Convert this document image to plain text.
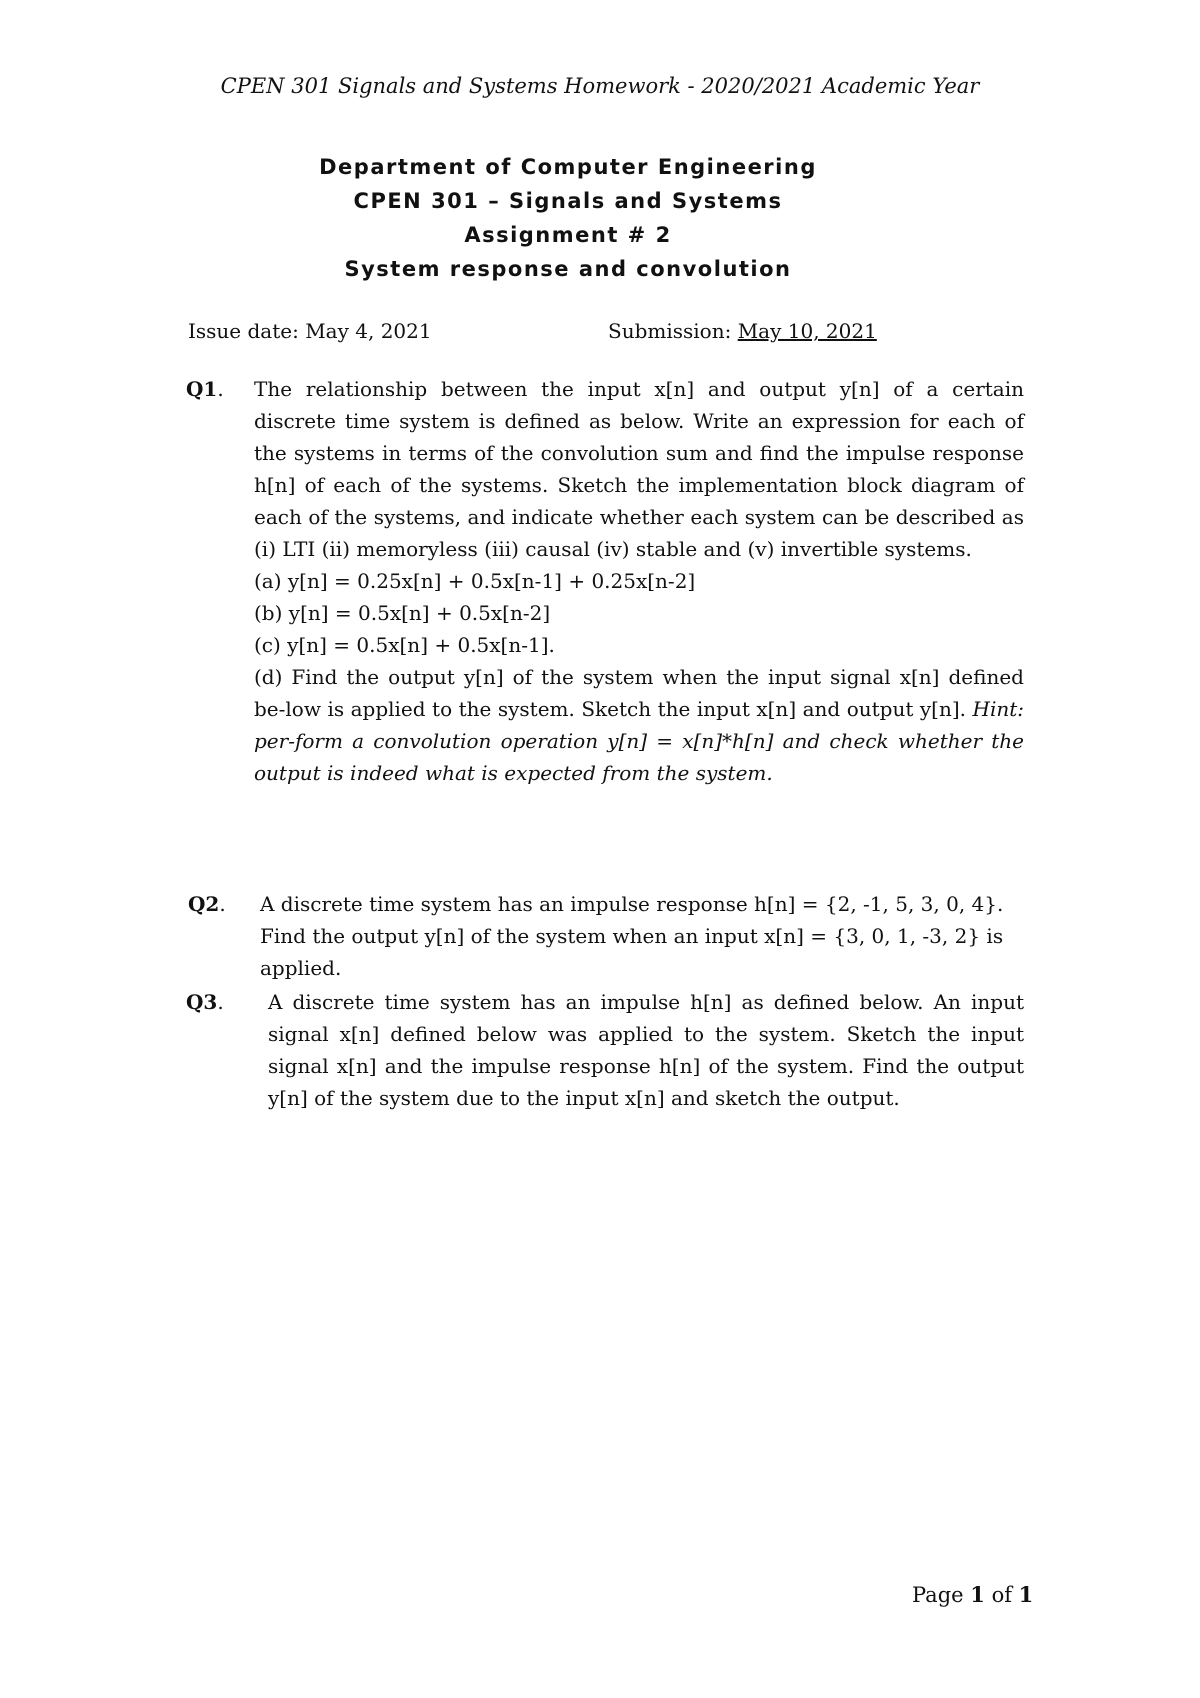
CPEN 301 Signals and Systems Homework - 2020/2021 Academic Year
Department of Computer Engineering
CPEN 301 – Signals and Systems
Assignment # 2
System response and convolution
Issue date: May 4, 2021	Submission: May 10, 2021
Q1. The relationship between the input x[n] and output y[n] of a certain discrete time system is defined as below. Write an expression for each of the systems in terms of the convolution sum and find the impulse response h[n] of each of the systems. Sketch the implementation block diagram of each of the systems, and indicate whether each system can be described as (i) LTI (ii) memoryless (iii) causal (iv) stable and (v) invertible systems.

(a) y[n] = 0.25x[n] + 0.5x[n-1] + 0.25x[n-2]

(b) y[n] = 0.5x[n] + 0.5x[n-2]

(c) y[n] = 0.5x[n] + 0.5x[n-1].

(d) Find the output y[n] of the system when the input signal x[n] defined be-low is applied to the system. Sketch the input x[n] and output y[n]. Hint: per-form a convolution operation y[n] = x[n]*h[n] and check whether the output is indeed what is expected from the system.

Q2. A discrete time system has an impulse response h[n] = {2, -1, 5, 3, 0, 4}. Find the output y[n] of the system when an input x[n] = {3, 0, 1, -3, 2} is applied.

Q3. A discrete time system has an impulse h[n] as defined below. An input signal x[n] defined below was applied to the system. Sketch the input signal x[n] and the impulse response h[n] of the system. Find the output y[n] of the system due to the input x[n] and sketch the output.

Page 1 of 1
